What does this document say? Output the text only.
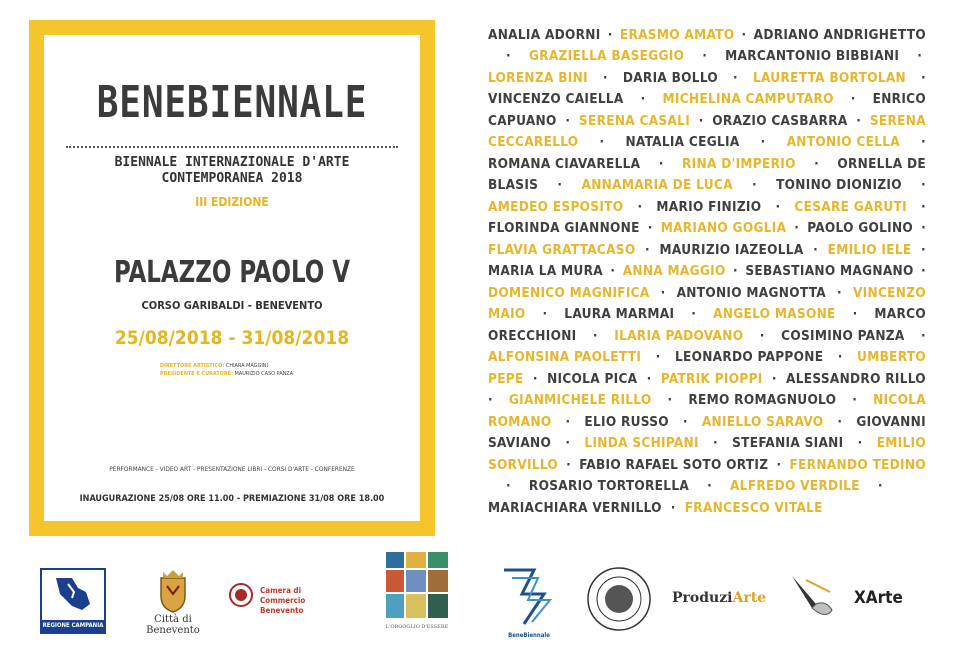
BENEBIENNALE
BIENNALE INTERNAZIONALE D'ARTE
CONTEMPORANEA 2018
III EDIZIONE
PALAZZO PAOLO V
CORSO GARIBALDI - BENEVENTO
25/08/2018 - 31/08/2018
DIRETTORE ARTISTICO: CHIARA MAGGINI
PRESIDENTE E CURATORE: MAURIZIO CASO PANZA
PERFORMANCE - VIDEO ART - PRESENTAZIONE LIBRI - CORSI D'ARTE - CONFERENZE
INAUGURAZIONE 25/08 ORE 11.00 - PREMIAZIONE 31/08 ORE 18.00
ANALIA ADORNI · ERASMO AMATO · ADRIANO ANDRIGHETTO
· GRAZIELLA BASEGGIO · MARCANTONIO BIBBIANI ·
LORENZA BINI · DARIA BOLLO · LAURETTA BORTOLAN ·
VINCENZO CAIELLA · MICHELINA CAMPUTARO · ENRICO
CAPUANO · SERENA CASALI · ORAZIO CASBARRA · SERENA
CECCARELLO · NATALIA CEGLIA · ANTONIO CELLA ·
ROMANA CIAVARELLA · RINA D'IMPERIO · ORNELLA DE
BLASIS · ANNAMARIA DE LUCA · TONINO DIONIZIO ·
AMEDEO ESPOSITO · MARIO FINIZIO · CESARE GARUTI ·
FLORINDA GIANNONE · MARIANO GOGLIA · PAOLO GOLINO ·
FLAVIA GRATTACASO · MAURIZIO IAZEOLLA · EMILIO IELE ·
MARIA LA MURA · ANNA MAGGIO · SEBASTIANO MAGNANO ·
DOMENICO MAGNIFICA · ANTONIO MAGNOTTA · VINCENZO
MAIO · LAURA MARMAI · ANGELO MASONE · MARCO
ORECCHIONI · ILARIA PADOVANO · COSIMINO PANZA ·
ALFONSINA PAOLETTI · LEONARDO PAPPONE · UMBERTO
PEPE · NICOLA PICA · PATRIK PIOPPI · ALESSANDRO RILLO
· GIANMICHELE RILLO · REMO ROMAGNUOLO · NICOLA
ROMANO · ELIO RUSSO · ANIELLO SARAVO · GIOVANNI
SAVIANO · LINDA SCHIPANI · STEFANIA SIANI · EMILIO
SORVILLO · FABIO RAFAEL SOTO ORTIZ · FERNANDO TEDINO
· ROSARIO TORTORELLA · ALFREDO VERDILE ·
MARIACHIARA VERNILLO · FRANCESCO VITALE
REGIONE CAMPANIA
Città di Benevento
Camera di Commercio Benevento
L'ORGOGLIO D'ESSERE
BeneBiennale
ProduziArte	XArte
